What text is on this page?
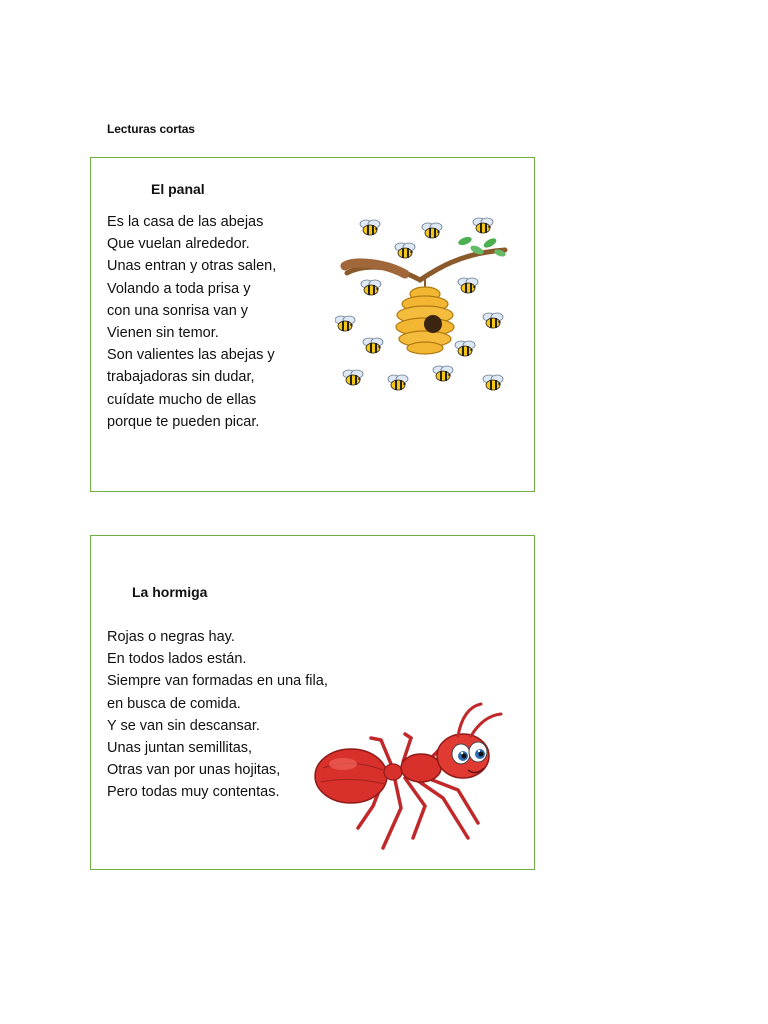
Lecturas cortas
El panal
Es la casa de las abejas
Que vuelan alrededor.
Unas entran y otras salen,
Volando a toda prisa y
con una sonrisa van y
Vienen sin temor.
Son valientes las abejas y
trabajadoras sin dudar,
cuídate mucho de ellas
porque te pueden picar.
La hormiga
Rojas o negras hay.
En todos lados están.
Siempre van formadas en una fila,
en busca de comida.
Y se van sin descansar.
Unas juntan semillitas,
Otras van por unas hojitas,
Pero todas muy contentas.
